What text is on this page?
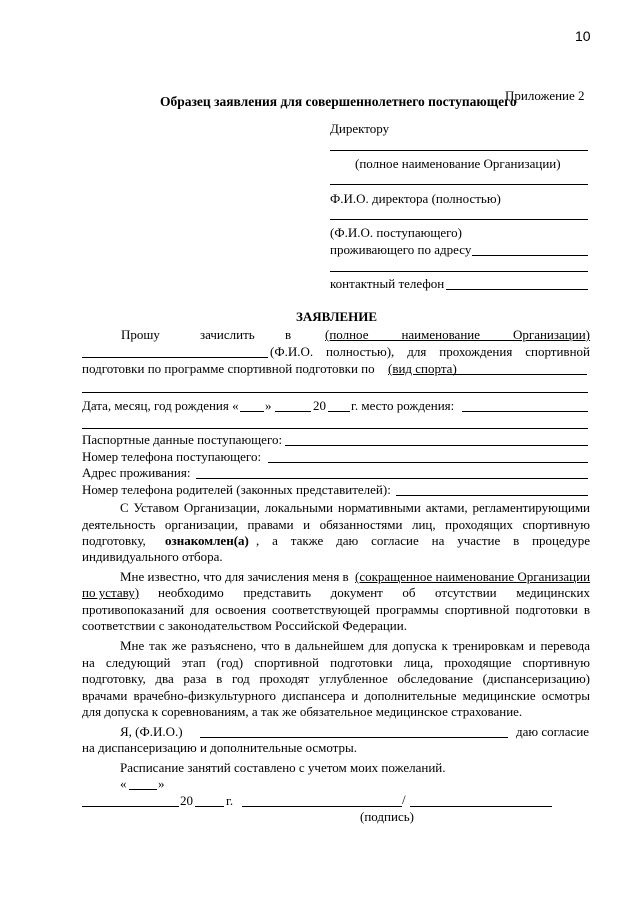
10
Приложение 2
Образец заявления для совершеннолетнего поступающего
Директору
(полное наименование Организации)
Ф.И.О. директора (полностью)
(Ф.И.О. поступающего)
проживающего по адресу
контактный телефон
ЗАЯВЛЕНИЕ
Прошу	зачислить в	(полное наименование Организации)
(Ф.И.О. полностью), для прохождения спортивной
подготовки по программе спортивной подготовки по (вид спорта)
Дата, месяц, год рождения « »	20 г. место рождения:
Паспортные данные поступающего:
Номер телефона поступающего:
Адрес проживания:
Номер телефона родителей (законных представителей):
С Уставом Организации, локальными нормативными актами, регламентирующими
деятельность организации, правами и обязанностями лиц, проходящих спортивную
подготовку, ознакомлен(а) , а также даю согласие на участие в процедуре
индивидуального отбора.
Мне известно, что для зачисления меня в (сокращенное наименование Организации
по уставу) необходимо представить документ об отсутствии медицинских
противопоказаний для освоения соответствующей программы спортивной подготовки в
соответствии с законодательством Российской Федерации.
Мне так же разъяснено, что в дальнейшем для допуска к тренировкам и перевода
на следующий этап (год) спортивной подготовки лица, проходящие спортивную
подготовку, два раза в год проходят углубленное обследование (диспансеризацию)
врачами врачебно-физкультурного диспансера и дополнительные медицинские осмотры
для допуска к соревнованиям, а так же обязательное медицинское страхование.
Я, (Ф.И.О.)	даю согласие
на диспансеризацию и дополнительные осмотры.
Расписание занятий составлено с учетом моих пожеланий.
« »
20	г.	/
(подпись)
